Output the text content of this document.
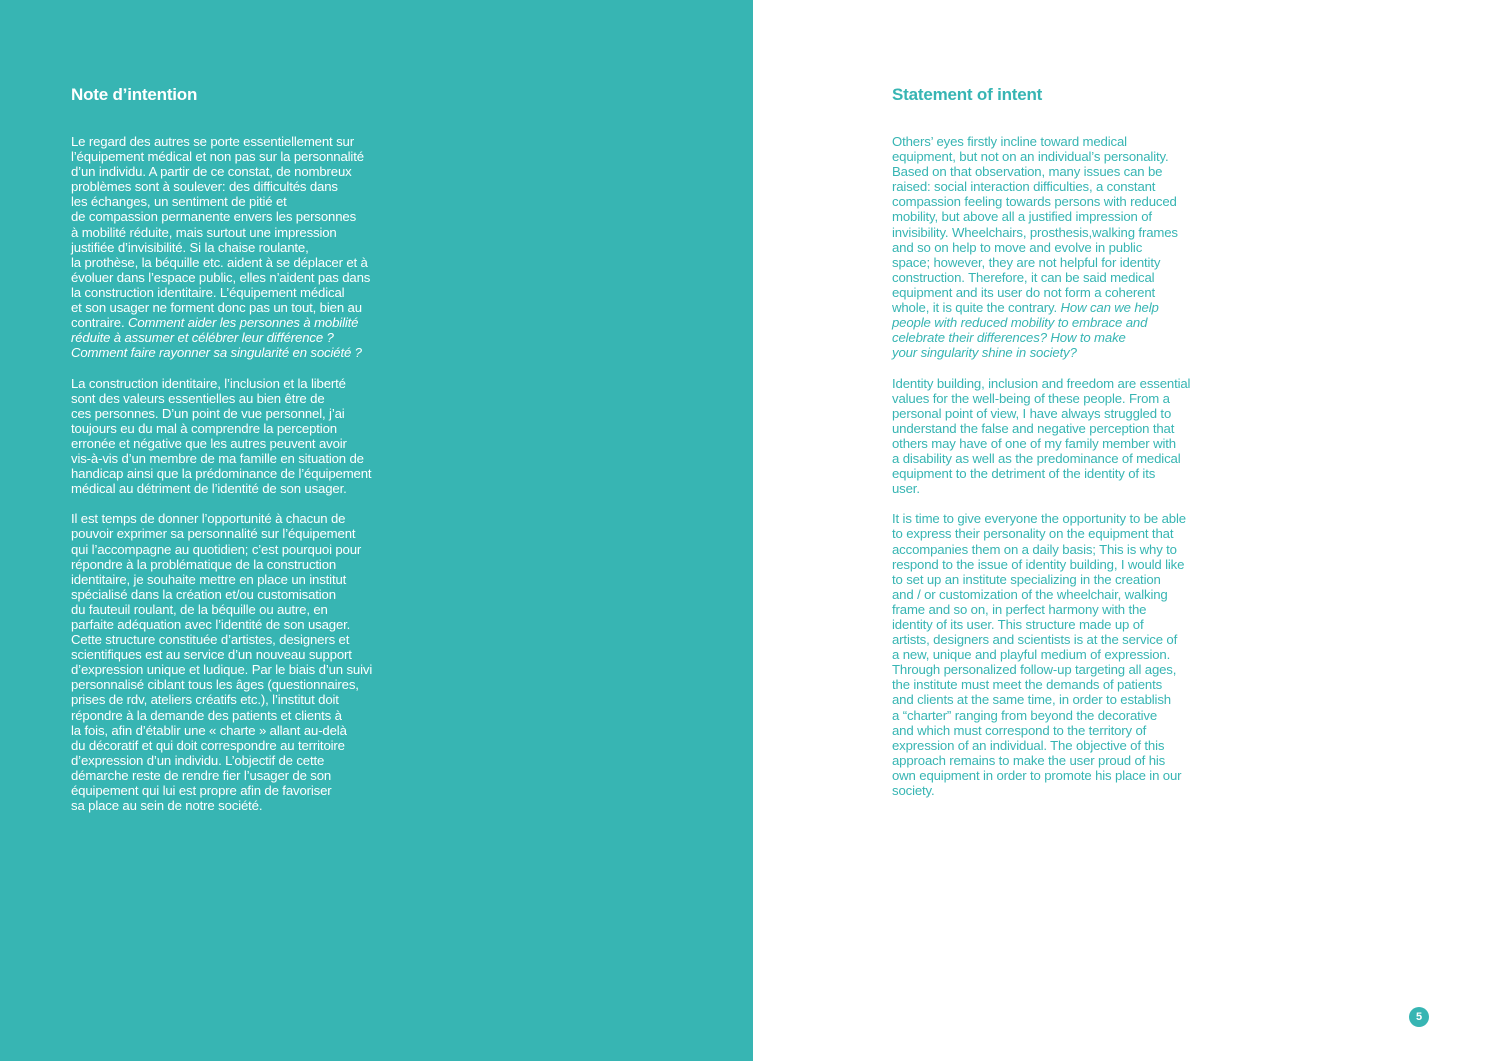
Note d’intention

Le regard des autres se porte essentiellement sur
l’équipement médical et non pas sur la personnalité
d’un individu. A partir de ce constat, de nombreux
problèmes sont à soulever: des difficultés dans
les échanges, un sentiment de pitié et
de compassion permanente envers les personnes
à mobilité réduite, mais surtout une impression
justifiée d’invisibilité. Si la chaise roulante,
la prothèse, la béquille etc. aident à se déplacer et à
évoluer dans l’espace public, elles n’aident pas dans
la construction identitaire. L’équipement médical
et son usager ne forment donc pas un tout, bien au
contraire. Comment aider les personnes à mobilité
réduite à assumer et célébrer leur différence ?
Comment faire rayonner sa singularité en société ?

La construction identitaire, l’inclusion et la liberté
sont des valeurs essentielles au bien être de
ces personnes. D’un point de vue personnel, j’ai
toujours eu du mal à comprendre la perception
erronée et négative que les autres peuvent avoir
vis-à-vis d’un membre de ma famille en situation de
handicap ainsi que la prédominance de l’équipement
médical au détriment de l’identité de son usager.

Il est temps de donner l’opportunité à chacun de
pouvoir exprimer sa personnalité sur l’équipement
qui l’accompagne au quotidien; c’est pourquoi pour
répondre à la problématique de la construction
identitaire, je souhaite mettre en place un institut
spécialisé dans la création et/ou customisation
du fauteuil roulant, de la béquille ou autre, en
parfaite adéquation avec l’identité de son usager.
Cette structure constituée d’artistes, designers et
scientifiques est au service d’un nouveau support
d’expression unique et ludique. Par le biais d’un suivi
personnalisé ciblant tous les âges (questionnaires,
prises de rdv, ateliers créatifs etc.), l’institut doit
répondre à la demande des patients et clients à
la fois, afin d’établir une « charte » allant au-delà
du décoratif et qui doit correspondre au territoire
d’expression d’un individu. L’objectif de cette
démarche reste de rendre fier l’usager de son
équipement qui lui est propre afin de favoriser
sa place au sein de notre société.

Statement of intent

Others’ eyes firstly incline toward medical
equipment, but not on an individual’s personality.
Based on that observation, many issues can be
raised: social interaction difficulties, a constant
compassion feeling towards persons with reduced
mobility, but above all a justified impression of
invisibility. Wheelchairs, prosthesis,walking frames
and so on help to move and evolve in public
space; however, they are not helpful for identity
construction. Therefore, it can be said medical
equipment and its user do not form a coherent
whole, it is quite the contrary. How can we help
people with reduced mobility to embrace and
celebrate their differences? How to make
your singularity shine in society?

Identity building, inclusion and freedom are essential
values for the well-being of these people. From a
personal point of view, I have always struggled to
understand the false and negative perception that
others may have of one of my family member with
a disability as well as the predominance of medical
equipment to the detriment of the identity of its
user.

It is time to give everyone the opportunity to be able
to express their personality on the equipment that
accompanies them on a daily basis; This is why to
respond to the issue of identity building, I would like
to set up an institute specializing in the creation
and / or customization of the wheelchair, walking
frame and so on, in perfect harmony with the
identity of its user. This structure made up of
artists, designers and scientists is at the service of
a new, unique and playful medium of expression.
Through personalized follow-up targeting all ages,
the institute must meet the demands of patients
and clients at the same time, in order to establish
a “charter” ranging from beyond the decorative
and which must correspond to the territory of
expression of an individual. The objective of this
approach remains to make the user proud of his
own equipment in order to promote his place in our
society.

5
